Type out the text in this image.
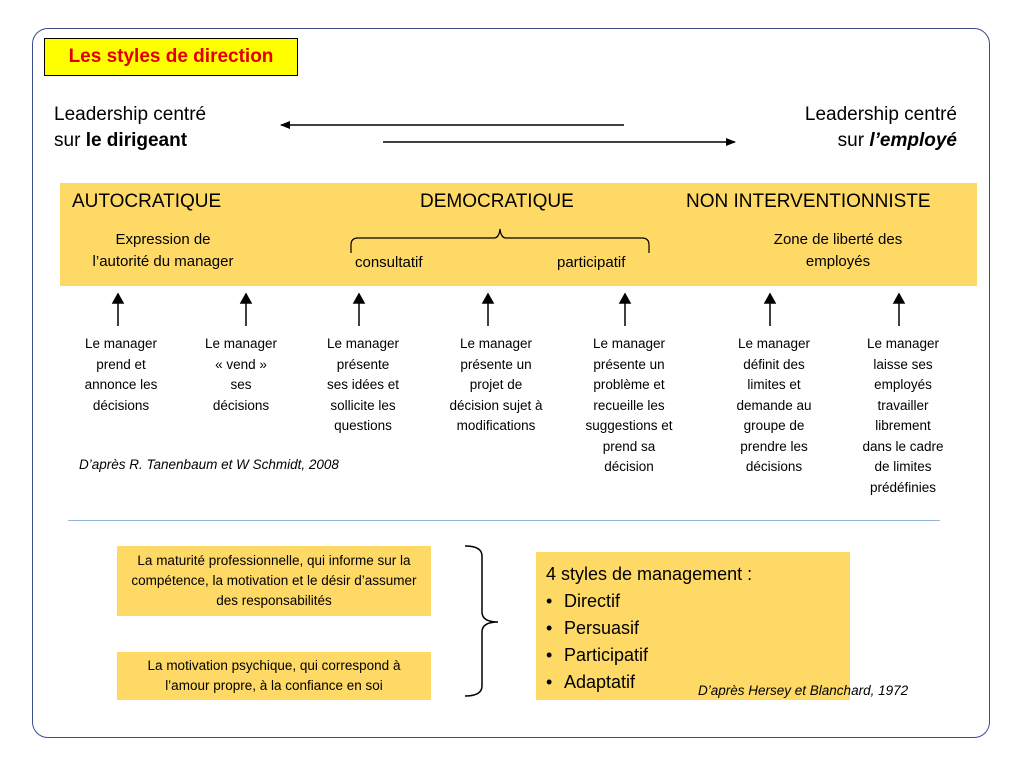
Les styles de direction
Leadership centré
sur le dirigeant
Leadership centré
sur l’employé
AUTOCRATIQUE	DEMOCRATIQUE	NON INTERVENTIONNISTE
Expression de
l’autorité du manager	consultatif	participatif
Zone de liberté des
employés
Le manager
prend et
annonce les
décisions
Le manager
« vend »
ses
décisions
Le manager
présente
ses idées et
sollicite les
questions
Le manager
présente un
projet de
décision sujet à
modifications
Le manager
présente un
problème et
recueille les
suggestions et
prend sa
décision
Le manager
définit des
limites et
demande au
groupe de
prendre les
décisions
Le manager
laisse ses
employés
travailler
librement
dans le cadre
de limites
prédéfinies
D’après R. Tanenbaum et W Schmidt, 2008
La maturité professionnelle, qui informe sur la compétence, la motivation et le désir d’assumer des responsabilités
La motivation psychique, qui correspond à l’amour propre, à la confiance en soi
4 styles de management :
• Directif
• Persuasif
• Participatif
• Adaptatif	D’après Hersey et Blanchard, 1972
